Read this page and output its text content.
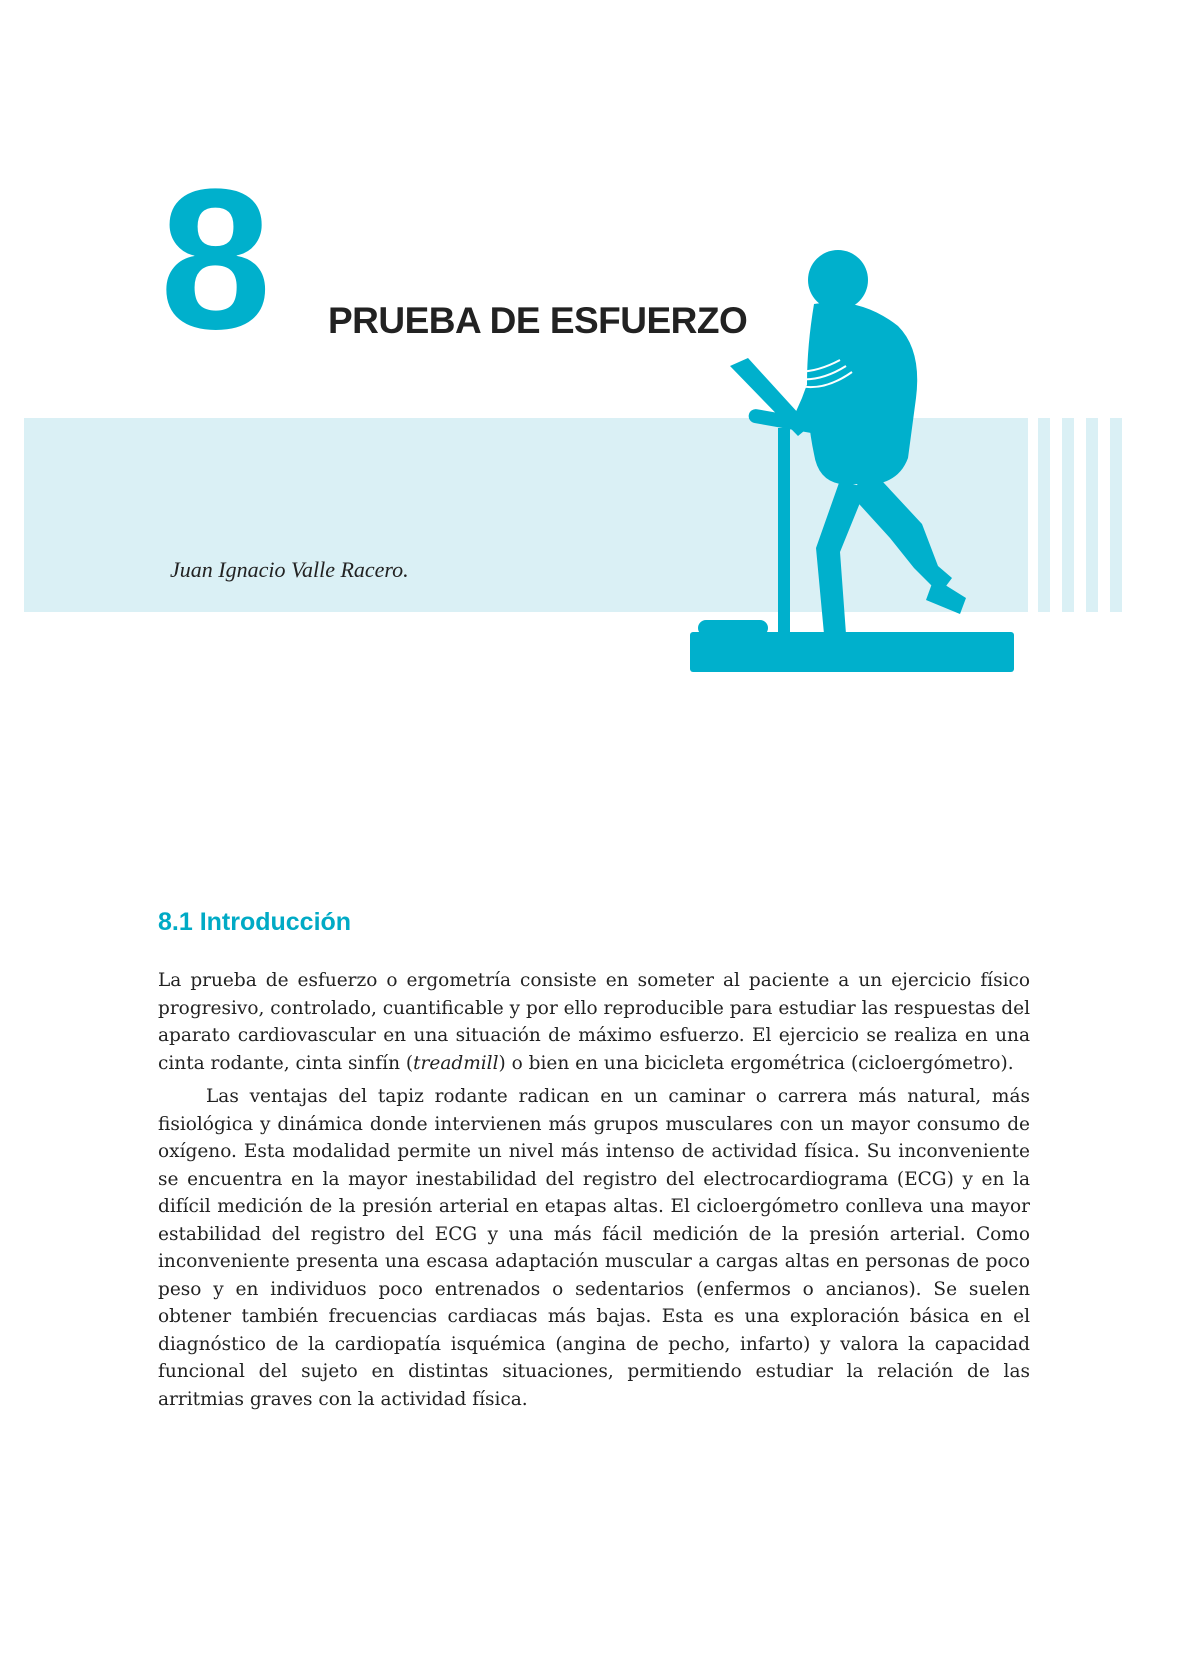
8 PRUEBA DE ESFUERZO
Juan Ignacio Valle Racero.
8.1 Introducción

La prueba de esfuerzo o ergometría consiste en someter al paciente a un ejercicio físico progresivo, controlado, cuantificable y por ello reproducible para estudiar las respuestas del aparato cardiovascular en una situación de máximo esfuerzo. El ejercicio se realiza en una cinta rodante, cinta sinfín (treadmill) o bien en una bicicleta ergométrica (cicloergómetro).

Las ventajas del tapiz rodante radican en un caminar o carrera más natural, más fisiológica y dinámica donde intervienen más grupos musculares con un mayor consumo de oxígeno. Esta modalidad permite un nivel más intenso de actividad física. Su inconveniente se encuentra en la mayor inestabilidad del registro del electrocardiograma (ECG) y en la difícil medición de la presión arterial en etapas altas. El cicloergómetro conlleva una mayor estabilidad del registro del ECG y una más fácil medición de la presión arterial. Como inconveniente presenta una escasa adaptación muscular a cargas altas en personas de poco peso y en individuos poco entrenados o sedentarios (enfermos o ancianos). Se suelen obtener también frecuencias cardiacas más bajas. Esta es una exploración básica en el diagnóstico de la cardiopatía isquémica (angina de pecho, infarto) y valora la capacidad funcional del sujeto en distintas situaciones, permitiendo estudiar la relación de las arritmias graves con la actividad física.
